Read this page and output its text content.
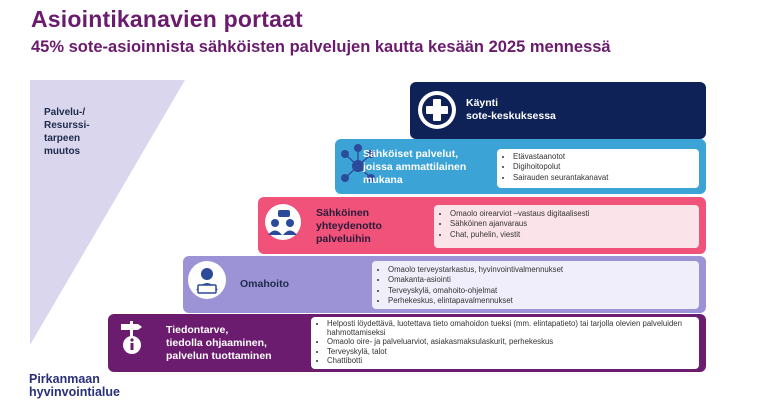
Asiointikanavien portaat
45% sote-asioinnista sähköisten palvelujen kautta kesään 2025 mennessä
Palvelu-/
Resurssi-
tarpeen
muutos
Käynti
sote-keskuksessa
Sähköiset palvelut,
joissa ammattilainen
mukana
• Etävastaanotot
• Digihoitopolut
• Sairauden seurantakanavat
Sähköinen
yhteydenotto
palveluihin
• Omaolo oirearviot –vastaus digitaalisesti
• Sähköinen ajanvaraus
• Chat, puhelin, viestit
Omahoito
• Omaolo terveystarkastus, hyvinvointivalmennukset
• Omakanta-asiointi
• Terveyskylä, omahoito-ohjelmat
• Perhekeskus, elintapavalmennukset
Tiedontarve,
tiedolla ohjaaminen,
palvelun tuottaminen
• Helposti löydettävä, luotettava tieto omahoidon tueksi (mm. elintapatieto) tai tarjolla olevien palveluiden hahmottamiseksi
• Omaolo oire- ja palveluarviot, asiakasmaksulaskurit, perhekeskus
• Terveyskylä, talot
• Chattibotti
Pirkanmaan
hyvinvointialue
